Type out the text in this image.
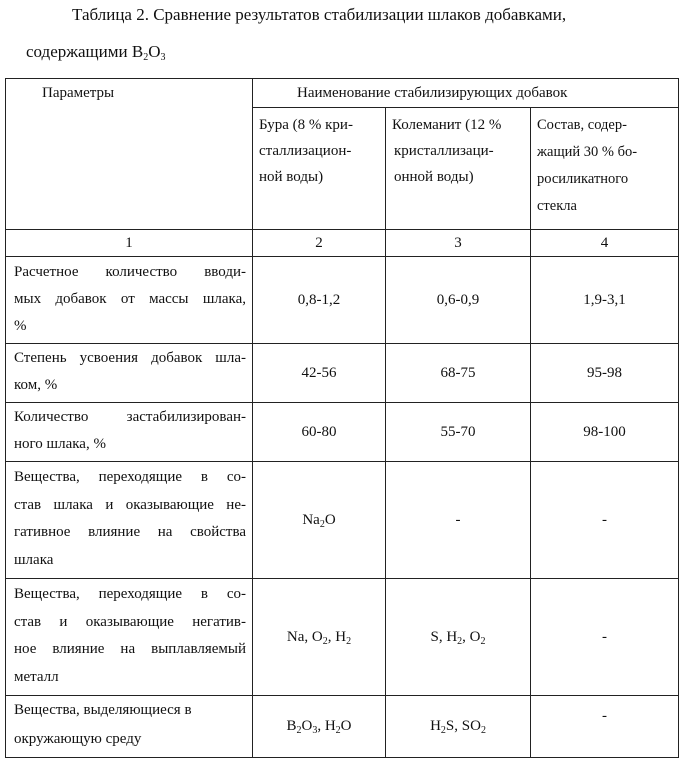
Таблица 2. Сравнение результатов стабилизации шлаков добавками,
содержащими B2O3
Параметры	Наименование стабилизирующих добавок

Бура (8 % кри-
сталлизацион-
ной воды)

Колеманит (12 %
кристаллизаци-
онной воды)

Состав, содер-
жащий 30 % бо-
росиликатного
стекла

1	2	3	4

Расчетное количество вводи-
мых добавок от массы шлака,
%
	0,8-1,2	0,6-0,9	1,9-3,1

Степень усвоения добавок шла-
ком, %
	42-56	68-75	95-98

Количество застабилизирован-
ного шлака, %
	60-80	55-70	98-100

Вещества, переходящие в со-
став шлака и оказывающие не-
гативное влияние на свойства
шлака
	Na2O	-	-

Вещества, переходящие в со-
став и оказывающие негатив-
ное влияние на выплавляемый
металл
	Na, O2, H2	S, H2, O2	-

Вещества, выделяющиеся в
окружающую среду
	B2O3, H2O	H2S, SO2	-
